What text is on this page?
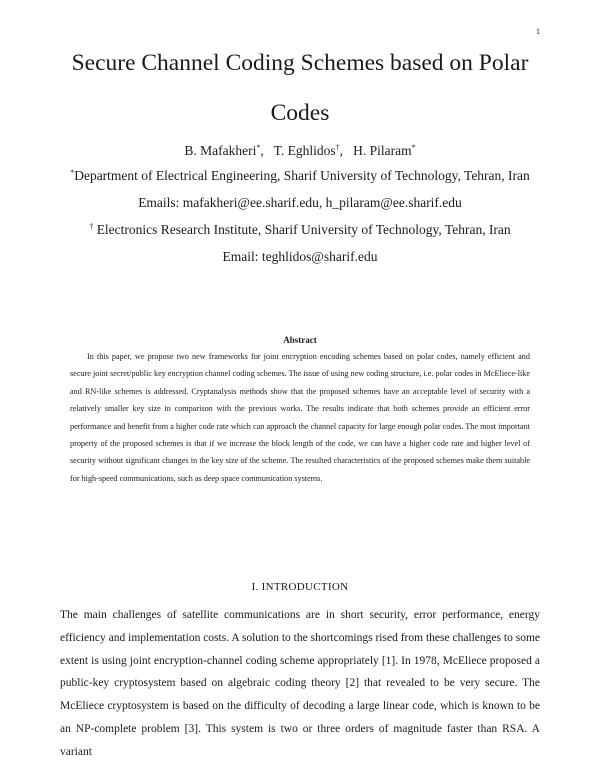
1
Secure Channel Coding Schemes based on Polar Codes
B. Mafakheri*,   T. Eghlidos†,   H. Pilaram*
*Department of Electrical Engineering, Sharif University of Technology, Tehran, Iran
Emails: mafakheri@ee.sharif.edu, h_pilaram@ee.sharif.edu
† Electronics Research Institute, Sharif University of Technology, Tehran, Iran
Email: teghlidos@sharif.edu
Abstract

In this paper, we propose two new frameworks for joint encryption encoding schemes based on polar codes, namely efficient and secure joint secret/public key encryption channel coding schemes. The issue of using new coding structure, i.e. polar codes in McEliece-like and RN-like schemes is addressed. Cryptanalysis methods show that the proposed schemes have an acceptable level of security with a relatively smaller key size in comparison with the previous works. The results indicate that both schemes provide an efficient error performance and benefit from a higher code rate which can approach the channel capacity for large enough polar codes. The most important property of the proposed schemes is that if we increase the block length of the code, we can have a higher code rate and higher level of security without significant changes in the key size of the scheme. The resulted characteristics of the proposed schemes make them suitable for high-speed communications, such as deep space communication systems.

I. INTRODUCTION

The main challenges of satellite communications are in short security, error performance, energy efficiency and implementation costs. A solution to the shortcomings rised from these challenges to some extent is using joint encryption-channel coding scheme appropriately [1]. In 1978, McEliece proposed a public-key cryptosystem based on algebraic coding theory [2] that revealed to be very secure. The McEliece cryptosystem is based on the difficulty of decoding a large linear code, which is known to be an NP-complete problem [3]. This system is two or three orders of magnitude faster than RSA. A variant
